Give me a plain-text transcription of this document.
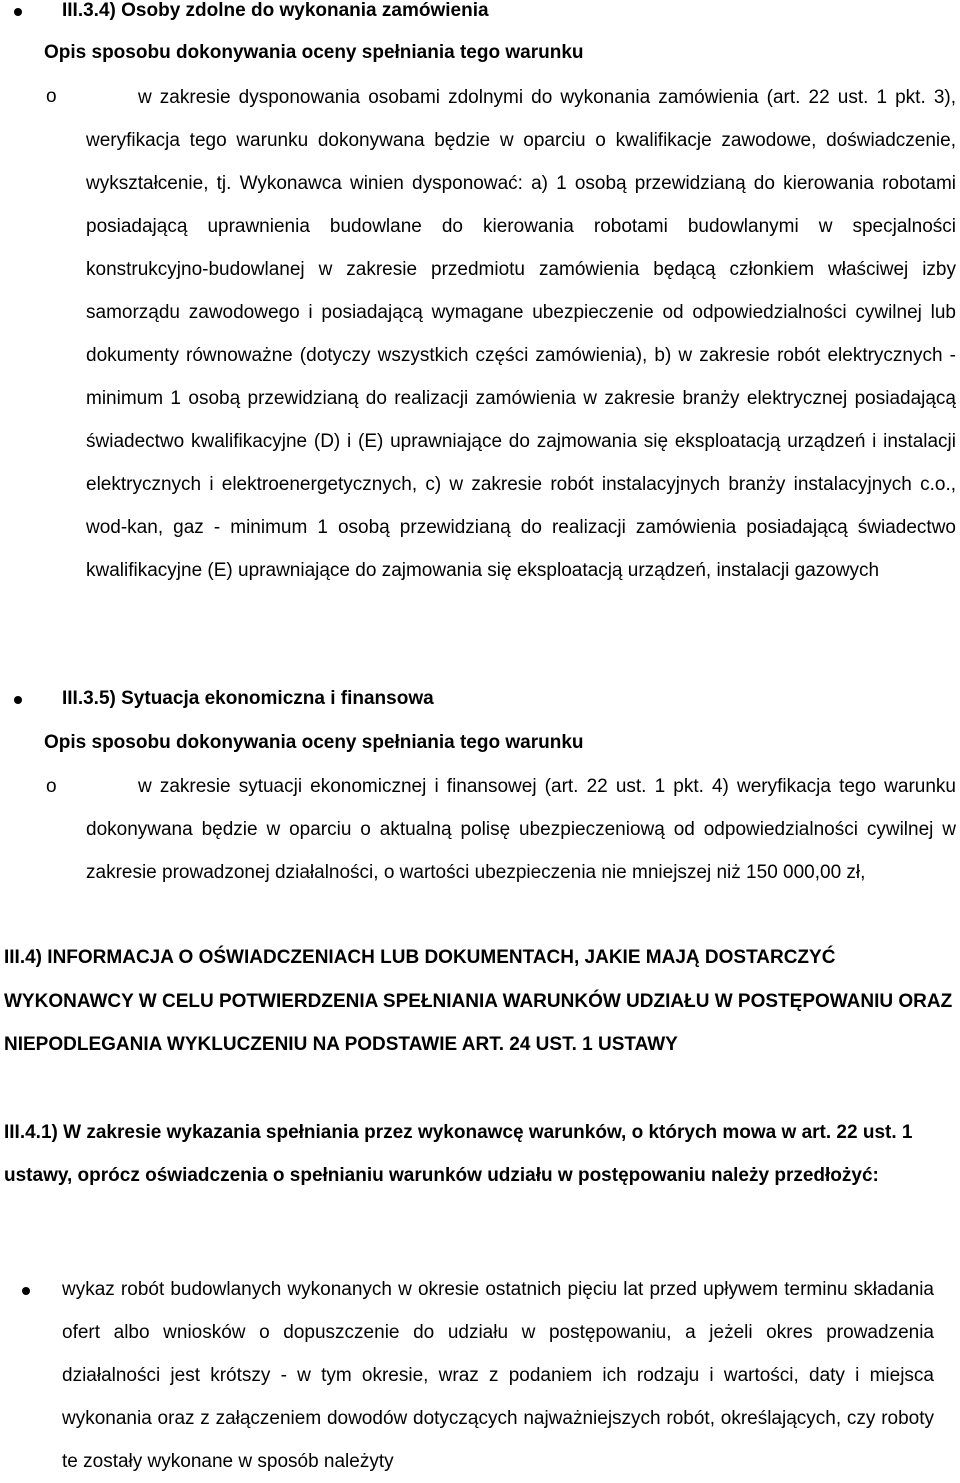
III.3.4) Osoby zdolne do wykonania zamówienia
Opis sposobu dokonywania oceny spełniania tego warunku
o	w zakresie dysponowania osobami zdolnymi do wykonania zamówienia (art. 22 ust. 1 pkt. 3), weryfikacja tego warunku dokonywana będzie w oparciu o kwalifikacje zawodowe, doświadczenie, wykształcenie, tj. Wykonawca winien dysponować: a) 1 osobą przewidzianą do kierowania robotami posiadającą uprawnienia budowlane do kierowania robotami budowlanymi w specjalności konstrukcyjno-budowlanej w zakresie przedmiotu zamówienia będącą członkiem właściwej izby samorządu zawodowego i posiadającą wymagane ubezpieczenie od odpowiedzialności cywilnej lub dokumenty równoważne (dotyczy wszystkich części zamówienia), b) w zakresie robót elektrycznych - minimum 1 osobą przewidzianą do realizacji zamówienia w zakresie branży elektrycznej posiadającą świadectwo kwalifikacyjne (D) i (E) uprawniające do zajmowania się eksploatacją urządzeń i instalacji elektrycznych i elektroenergetycznych, c) w zakresie robót instalacyjnych branży instalacyjnych c.o., wod-kan, gaz - minimum 1 osobą przewidzianą do realizacji zamówienia posiadającą świadectwo kwalifikacyjne (E) uprawniające do zajmowania się eksploatacją urządzeń, instalacji gazowych

III.3.5) Sytuacja ekonomiczna i finansowa
Opis sposobu dokonywania oceny spełniania tego warunku
o	w zakresie sytuacji ekonomicznej i finansowej (art. 22 ust. 1 pkt. 4) weryfikacja tego warunku dokonywana będzie w oparciu o aktualną polisę ubezpieczeniową od odpowiedzialności cywilnej w zakresie prowadzonej działalności, o wartości ubezpieczenia nie mniejszej niż 150 000,00 zł,

III.4) INFORMACJA O OŚWIADCZENIACH LUB DOKUMENTACH, JAKIE MAJĄ DOSTARCZYĆ WYKONAWCY W CELU POTWIERDZENIA SPEŁNIANIA WARUNKÓW UDZIAŁU W POSTĘPOWANIU ORAZ NIEPODLEGANIA WYKLUCZENIU NA PODSTAWIE ART. 24 UST. 1 USTAWY

III.4.1) W zakresie wykazania spełniania przez wykonawcę warunków, o których mowa w art. 22 ust. 1 ustawy, oprócz oświadczenia o spełnianiu warunków udziału w postępowaniu należy przedłożyć:

wykaz robót budowlanych wykonanych w okresie ostatnich pięciu lat przed upływem terminu składania ofert albo wniosków o dopuszczenie do udziału w postępowaniu, a jeżeli okres prowadzenia działalności jest krótszy - w tym okresie, wraz z podaniem ich rodzaju i wartości, daty i miejsca wykonania oraz z załączeniem dowodów dotyczących najważniejszych robót, określających, czy roboty te zostały wykonane w sposób należyty
